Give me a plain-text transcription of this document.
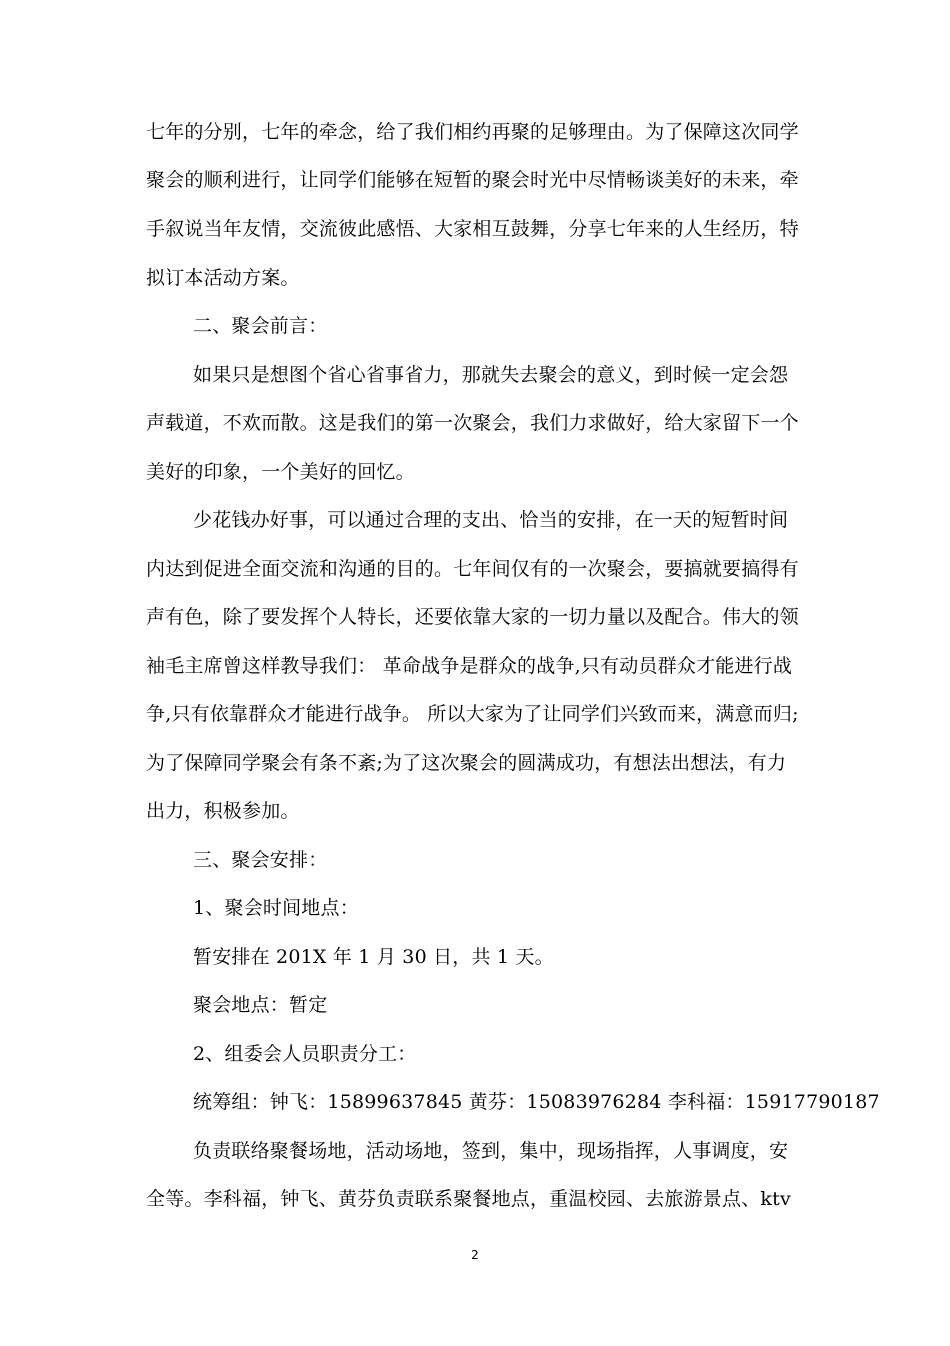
七年的分别，七年的牵念，给了我们相约再聚的足够理由。为了保障这次同学

聚会的顺利进行，让同学们能够在短暂的聚会时光中尽情畅谈美好的未来，牵

手叙说当年友情，交流彼此感悟、大家相互鼓舞，分享七年来的人生经历，特

拟订本活动方案。

二、聚会前言：

如果只是想图个省心省事省力，那就失去聚会的意义，到时候一定会怨

声载道，不欢而散。这是我们的第一次聚会，我们力求做好，给大家留下一个

美好的印象，一个美好的回忆。

少花钱办好事，可以通过合理的支出、恰当的安排，在一天的短暂时间

内达到促进全面交流和沟通的目的。七年间仅有的一次聚会，要搞就要搞得有

声有色，除了要发挥个人特长，还要依靠大家的一切力量以及配合。伟大的领

袖毛主席曾这样教导我们： 革命战争是群众的战争,只有动员群众才能进行战

争,只有依靠群众才能进行战争。 所以大家为了让同学们兴致而来，满意而归;

为了保障同学聚会有条不紊;为了这次聚会的圆满成功，有想法出想法，有力

出力，积极参加。

三、聚会安排：

1、聚会时间地点：

暂安排在 201X 年 1 月 30 日，共 1 天。

聚会地点：暂定

2、组委会人员职责分工：

统筹组：钟飞：15899637845 黄芬：15083976284 李科福：15917790187

负责联络聚餐场地，活动场地，签到，集中，现场指挥，人事调度，安

全等。李科福，钟飞、黄芬负责联系聚餐地点，重温校园、去旅游景点、ktv

2
